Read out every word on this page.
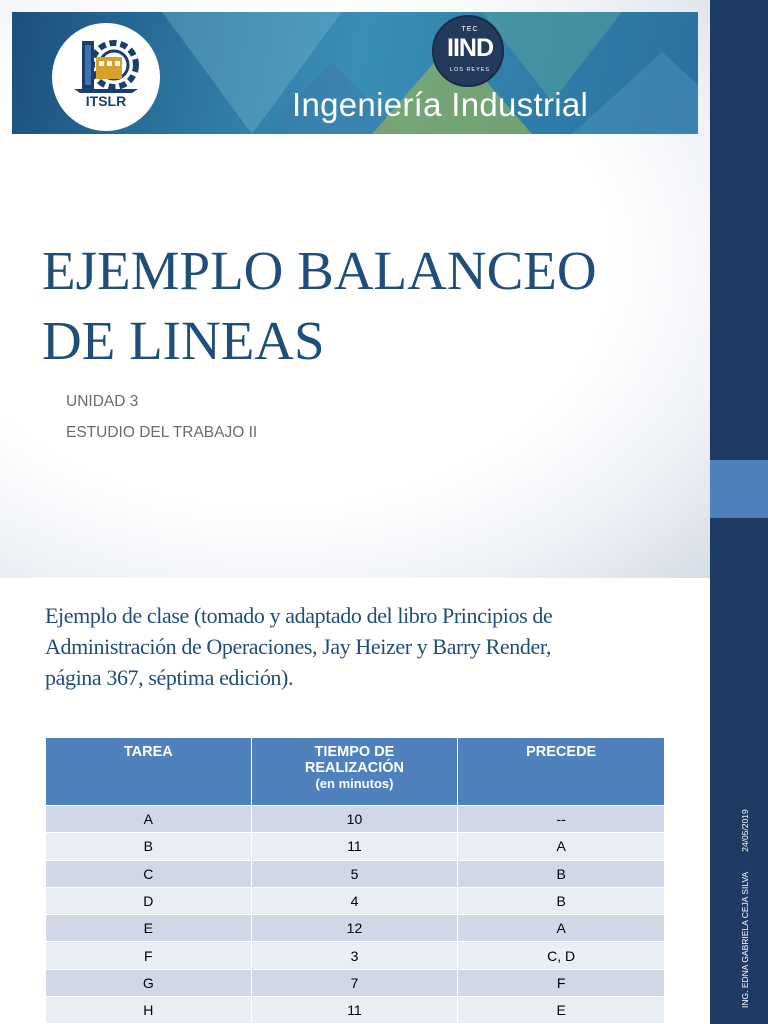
ITSLR
TEC
IIND
LOS REYES
Ingeniería Industrial
EJEMPLO BALANCEO
DE LINEAS
UNIDAD 3
ESTUDIO DEL TRABAJO II
ING. EDNA GABRIELA CEJA SILVA24/05/2019
Ejemplo de clase (tomado y adaptado del libro Principios de
Administración de Operaciones, Jay Heizer y Barry Render,
página 367, séptima edición).
TAREA	TIEMPO DE
REALIZACIÓN
(en minutos)	PRECEDE
A	10	--
B	11	A
C	5	B
D	4	B
E	12	A
F	3	C, D
G	7	F
H	11	E
